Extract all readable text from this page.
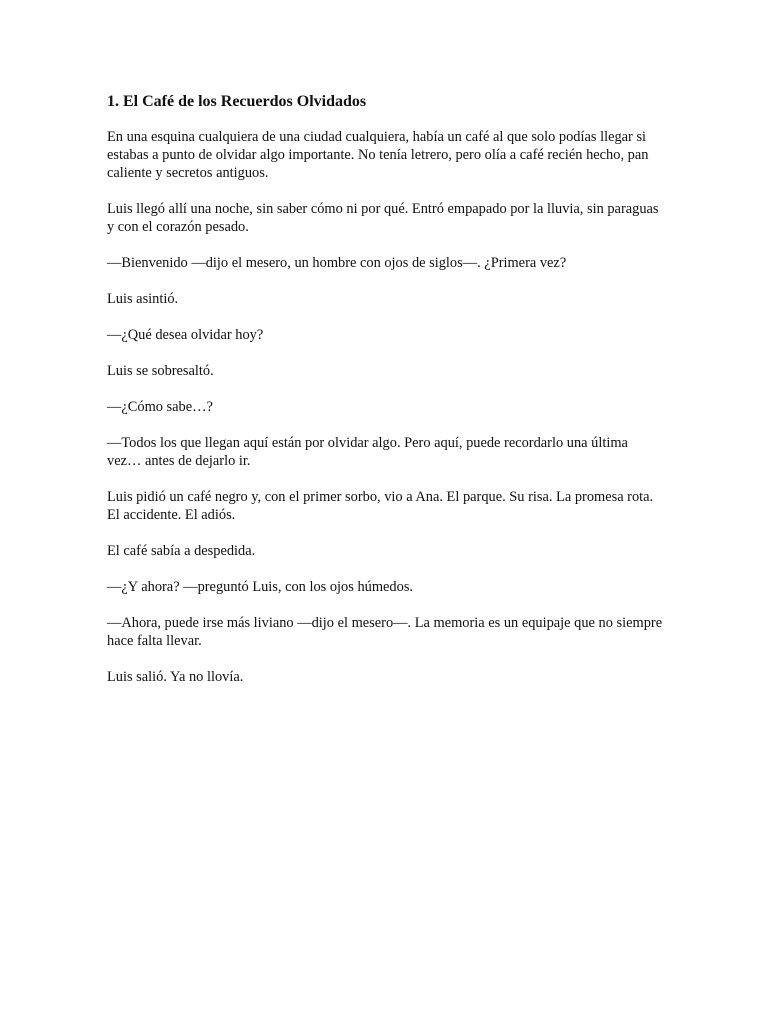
1. El Café de los Recuerdos Olvidados

En una esquina cualquiera de una ciudad cualquiera, había un café al que solo podías llegar si estabas a punto de olvidar algo importante. No tenía letrero, pero olía a café recién hecho, pan caliente y secretos antiguos.

Luis llegó allí una noche, sin saber cómo ni por qué. Entró empapado por la lluvia, sin paraguas y con el corazón pesado.

—Bienvenido —dijo el mesero, un hombre con ojos de siglos—. ¿Primera vez?

Luis asintió.

—¿Qué desea olvidar hoy?

Luis se sobresaltó.

—¿Cómo sabe…?

—Todos los que llegan aquí están por olvidar algo. Pero aquí, puede recordarlo una última vez… antes de dejarlo ir.

Luis pidió un café negro y, con el primer sorbo, vio a Ana. El parque. Su risa. La promesa rota. El accidente. El adiós.

El café sabía a despedida.

—¿Y ahora? —preguntó Luis, con los ojos húmedos.

—Ahora, puede irse más liviano —dijo el mesero—. La memoria es un equipaje que no siempre hace falta llevar.

Luis salió. Ya no llovía.
